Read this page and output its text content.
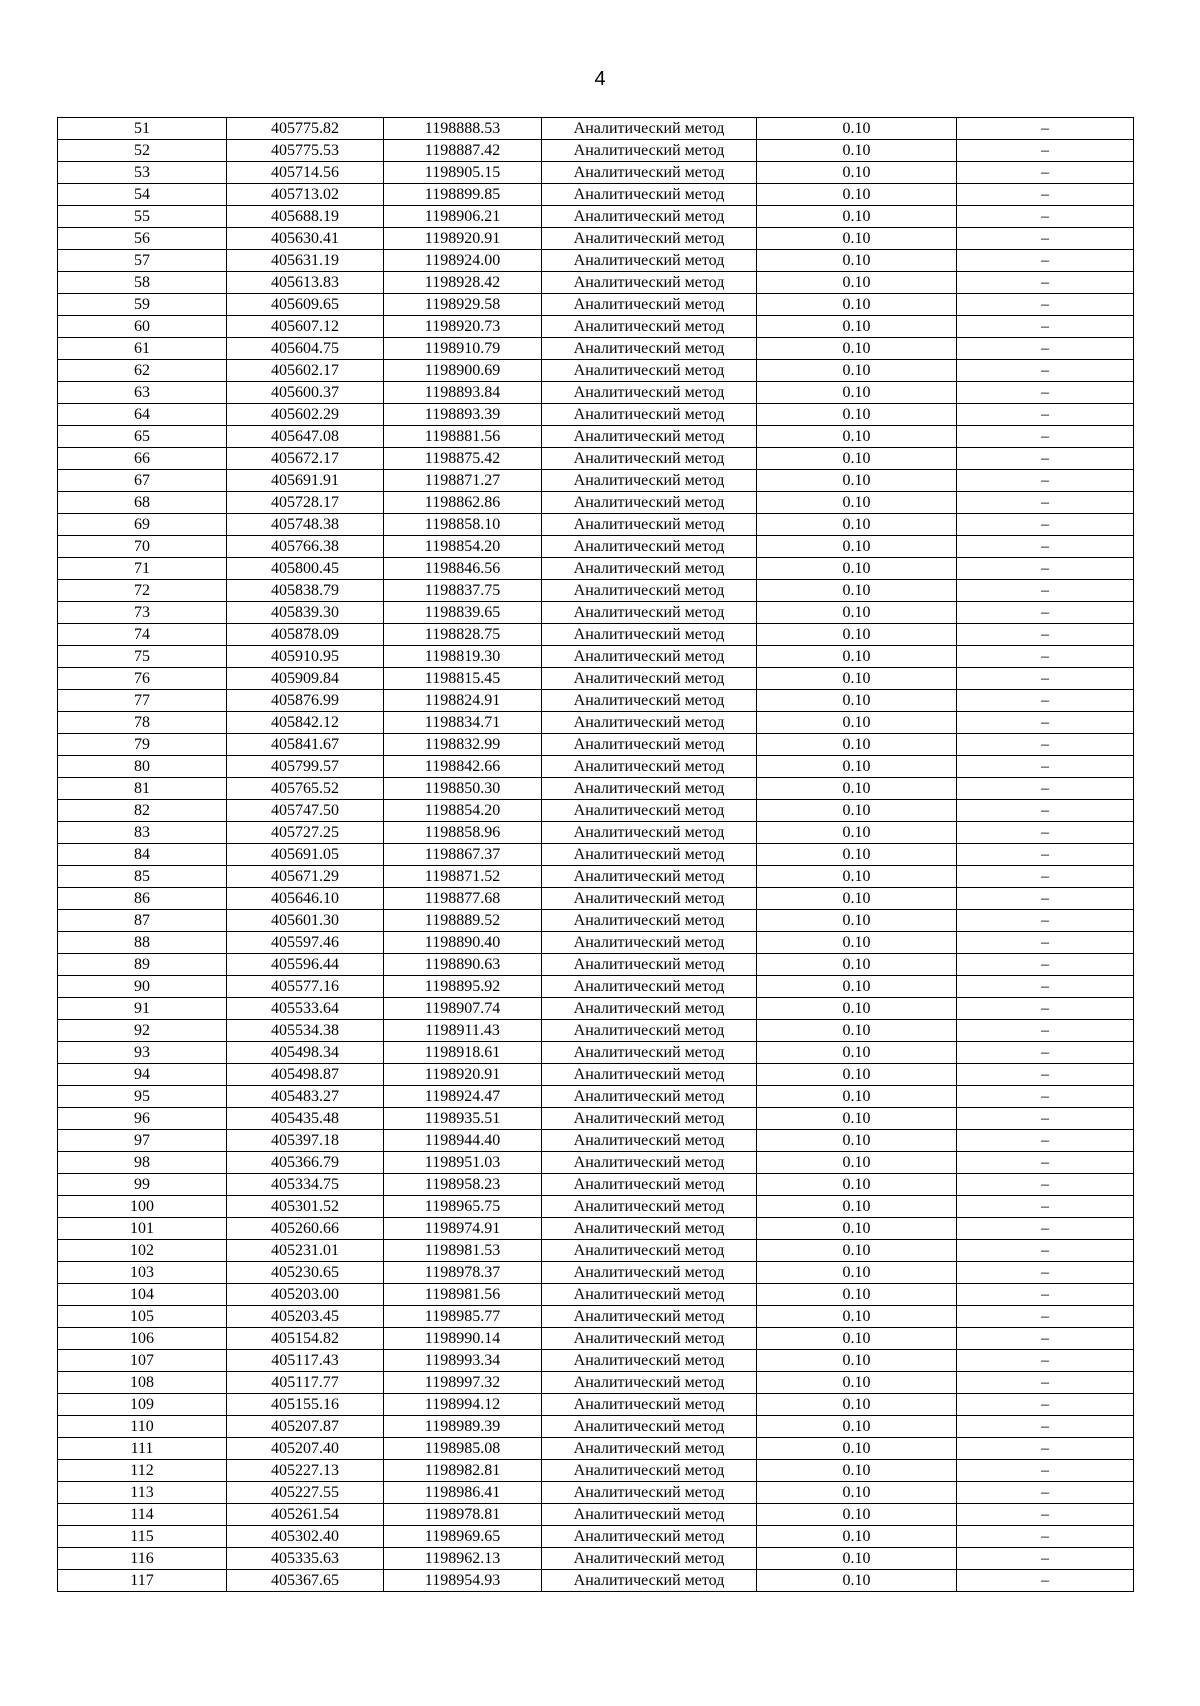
4
51	405775.82	1198888.53	Аналитический метод	0.10	–
52	405775.53	1198887.42	Аналитический метод	0.10	–
53	405714.56	1198905.15	Аналитический метод	0.10	–
54	405713.02	1198899.85	Аналитический метод	0.10	–
55	405688.19	1198906.21	Аналитический метод	0.10	–
56	405630.41	1198920.91	Аналитический метод	0.10	–
57	405631.19	1198924.00	Аналитический метод	0.10	–
58	405613.83	1198928.42	Аналитический метод	0.10	–
59	405609.65	1198929.58	Аналитический метод	0.10	–
60	405607.12	1198920.73	Аналитический метод	0.10	–
61	405604.75	1198910.79	Аналитический метод	0.10	–
62	405602.17	1198900.69	Аналитический метод	0.10	–
63	405600.37	1198893.84	Аналитический метод	0.10	–
64	405602.29	1198893.39	Аналитический метод	0.10	–
65	405647.08	1198881.56	Аналитический метод	0.10	–
66	405672.17	1198875.42	Аналитический метод	0.10	–
67	405691.91	1198871.27	Аналитический метод	0.10	–
68	405728.17	1198862.86	Аналитический метод	0.10	–
69	405748.38	1198858.10	Аналитический метод	0.10	–
70	405766.38	1198854.20	Аналитический метод	0.10	–
71	405800.45	1198846.56	Аналитический метод	0.10	–
72	405838.79	1198837.75	Аналитический метод	0.10	–
73	405839.30	1198839.65	Аналитический метод	0.10	–
74	405878.09	1198828.75	Аналитический метод	0.10	–
75	405910.95	1198819.30	Аналитический метод	0.10	–
76	405909.84	1198815.45	Аналитический метод	0.10	–
77	405876.99	1198824.91	Аналитический метод	0.10	–
78	405842.12	1198834.71	Аналитический метод	0.10	–
79	405841.67	1198832.99	Аналитический метод	0.10	–
80	405799.57	1198842.66	Аналитический метод	0.10	–
81	405765.52	1198850.30	Аналитический метод	0.10	–
82	405747.50	1198854.20	Аналитический метод	0.10	–
83	405727.25	1198858.96	Аналитический метод	0.10	–
84	405691.05	1198867.37	Аналитический метод	0.10	–
85	405671.29	1198871.52	Аналитический метод	0.10	–
86	405646.10	1198877.68	Аналитический метод	0.10	–
87	405601.30	1198889.52	Аналитический метод	0.10	–
88	405597.46	1198890.40	Аналитический метод	0.10	–
89	405596.44	1198890.63	Аналитический метод	0.10	–
90	405577.16	1198895.92	Аналитический метод	0.10	–
91	405533.64	1198907.74	Аналитический метод	0.10	–
92	405534.38	1198911.43	Аналитический метод	0.10	–
93	405498.34	1198918.61	Аналитический метод	0.10	–
94	405498.87	1198920.91	Аналитический метод	0.10	–
95	405483.27	1198924.47	Аналитический метод	0.10	–
96	405435.48	1198935.51	Аналитический метод	0.10	–
97	405397.18	1198944.40	Аналитический метод	0.10	–
98	405366.79	1198951.03	Аналитический метод	0.10	–
99	405334.75	1198958.23	Аналитический метод	0.10	–
100	405301.52	1198965.75	Аналитический метод	0.10	–
101	405260.66	1198974.91	Аналитический метод	0.10	–
102	405231.01	1198981.53	Аналитический метод	0.10	–
103	405230.65	1198978.37	Аналитический метод	0.10	–
104	405203.00	1198981.56	Аналитический метод	0.10	–
105	405203.45	1198985.77	Аналитический метод	0.10	–
106	405154.82	1198990.14	Аналитический метод	0.10	–
107	405117.43	1198993.34	Аналитический метод	0.10	–
108	405117.77	1198997.32	Аналитический метод	0.10	–
109	405155.16	1198994.12	Аналитический метод	0.10	–
110	405207.87	1198989.39	Аналитический метод	0.10	–
111	405207.40	1198985.08	Аналитический метод	0.10	–
112	405227.13	1198982.81	Аналитический метод	0.10	–
113	405227.55	1198986.41	Аналитический метод	0.10	–
114	405261.54	1198978.81	Аналитический метод	0.10	–
115	405302.40	1198969.65	Аналитический метод	0.10	–
116	405335.63	1198962.13	Аналитический метод	0.10	–
117	405367.65	1198954.93	Аналитический метод	0.10	–
